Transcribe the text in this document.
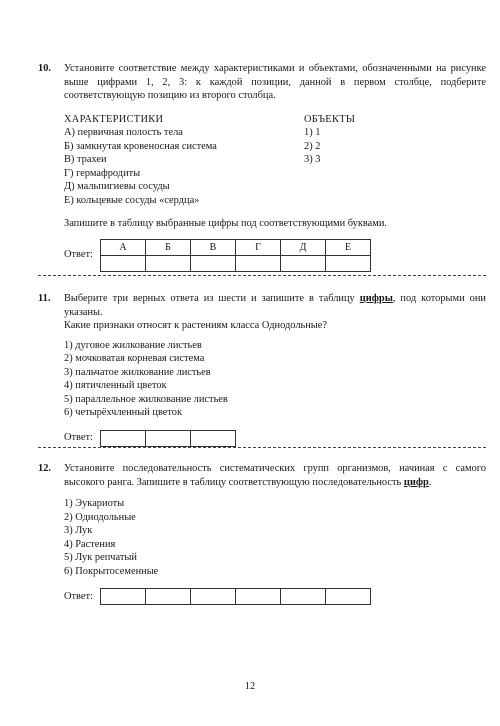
10. Установите соответствие между характеристиками и объектами, обозначенными на рисунке выше цифрами 1, 2, 3: к каждой позиции, данной в первом столбце, подберите соответствующую позицию из второго столбца.
ХАРАКТЕРИСТИКИ
А) первичная полость тела
Б) замкнутая кровеносная система
В) трахеи
Г) гермафродиты
Д) мальпигиевы сосуды
Е) кольцевые сосуды «сердца»
ОБЪЕКТЫ
1) 1
2) 2
3) 3
Запишите в таблицу выбранные цифры под соответствующими буквами.
Ответ:
А	Б	В	Г	Д	Е

11. Выберите три верных ответа из шести и запишите в таблицу цифры, под которыми они указаны.
Какие признаки относят к растениям класса Однодольные?
1) дуговое жилкование листьев
2) мочковатая корневая система
3) пальчатое жилкование листьев
4) пятичленный цветок
5) параллельное жилкование листьев
6) четырёхчленный цветок
Ответ:

12. Установите последовательность систематических групп организмов, начиная с самого высокого ранга. Запишите в таблицу соответствующую последовательность цифр.
1) Эукариоты
2) Однодольные
3) Лук
4) Растения
5) Лук репчатый
6) Покрытосеменные
Ответ:

12
